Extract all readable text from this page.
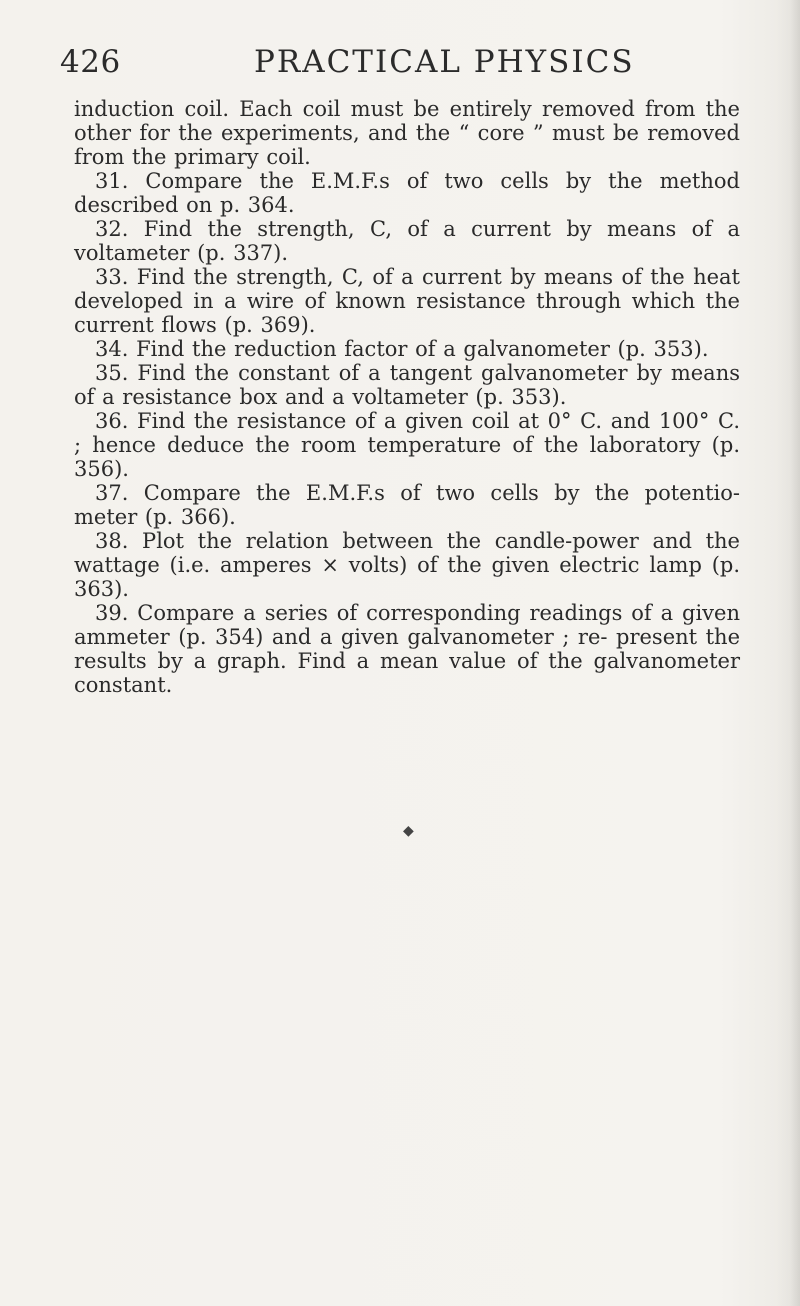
426	PRACTICAL PHYSICS

induction coil. Each coil must be entirely removed from the other for the experiments, and the “ core ” must be removed from the primary coil.

31. Compare the E.M.F.s of two cells by the method described on p. 364.

32. Find the strength, C, of a current by means of a voltameter (p. 337).

33. Find the strength, C, of a current by means of the heat developed in a wire of known resistance through which the current flows (p. 369).

34. Find the reduction factor of a galvanometer (p. 353).

35. Find the constant of a tangent galvanometer by means of a resistance box and a voltameter (p. 353).

36. Find the resistance of a given coil at 0° C. and 100° C. ; hence deduce the room temperature of the laboratory (p. 356).

37. Compare the E.M.F.s of two cells by the potentio- meter (p. 366).

38. Plot the relation between the candle-power and the wattage (i.e. amperes × volts) of the given electric lamp (p. 363).

39. Compare a series of corresponding readings of a given ammeter (p. 354) and a given galvanometer ; re- present the results by a graph. Find a mean value of the galvanometer constant.

◆
